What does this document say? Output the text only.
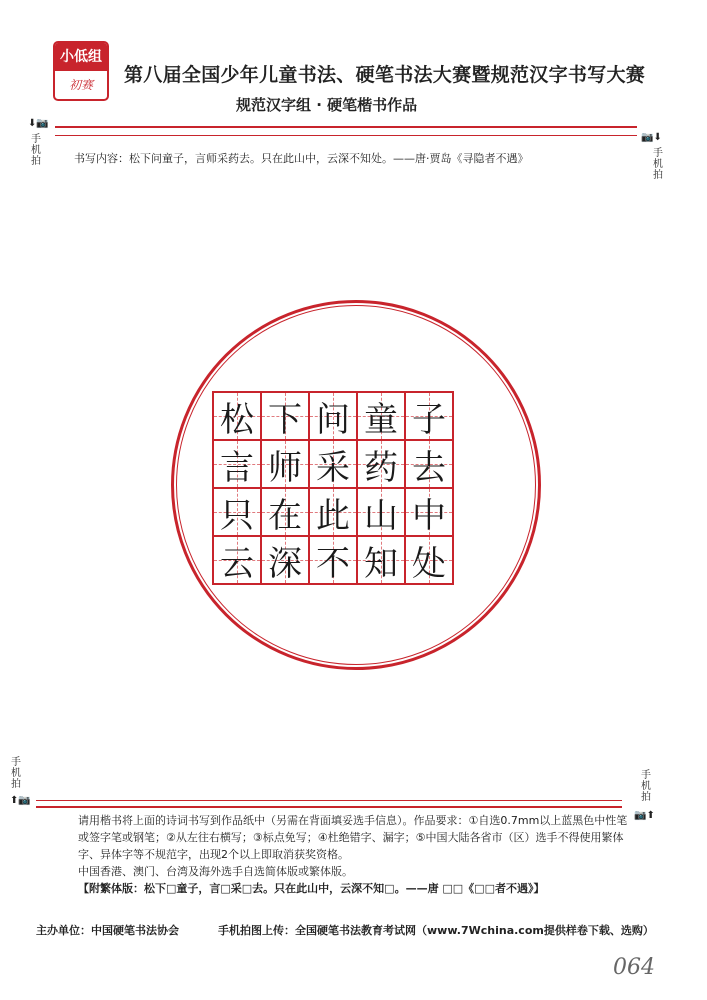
小低组
初赛	第八届全国少年儿童书法、硬笔书法大赛暨规范汉字书写大赛
规范汉字组 · 硬笔楷书作品
⬇📷
手机拍
📷⬇
手机拍
书写内容：松下问童子，言师采药去。只在此山中，云深不知处。——唐·贾岛《寻隐者不遇》
松 下 问 童 子
言 师 采 药 去
只 在 此 山 中
云 深 不 知 处
手机拍
⬆📷
手机拍
📷⬆

请用楷书将上面的诗词书写到作品纸中（另需在背面填妥选手信息）。作品要求：①自选0.7mm以上蓝黑色中性笔或签字笔或钢笔；②从左往右横写；③标点免写；④杜绝错字、漏字；⑤中国大陆各省市（区）选手不得使用繁体字、异体字等不规范字，出现2个以上即取消获奖资格。

中国香港、澳门、台湾及海外选手自选简体版或繁体版。

【附繁体版：松下□童子，言□采□去。只在此山中，云深不知□。——唐 □□《□□者不遇》】

主办单位：中国硬笔书法协会	手机拍图上传：全国硬笔书法教育考试网（www.7Wchina.com提供样卷下载、选购）
064
